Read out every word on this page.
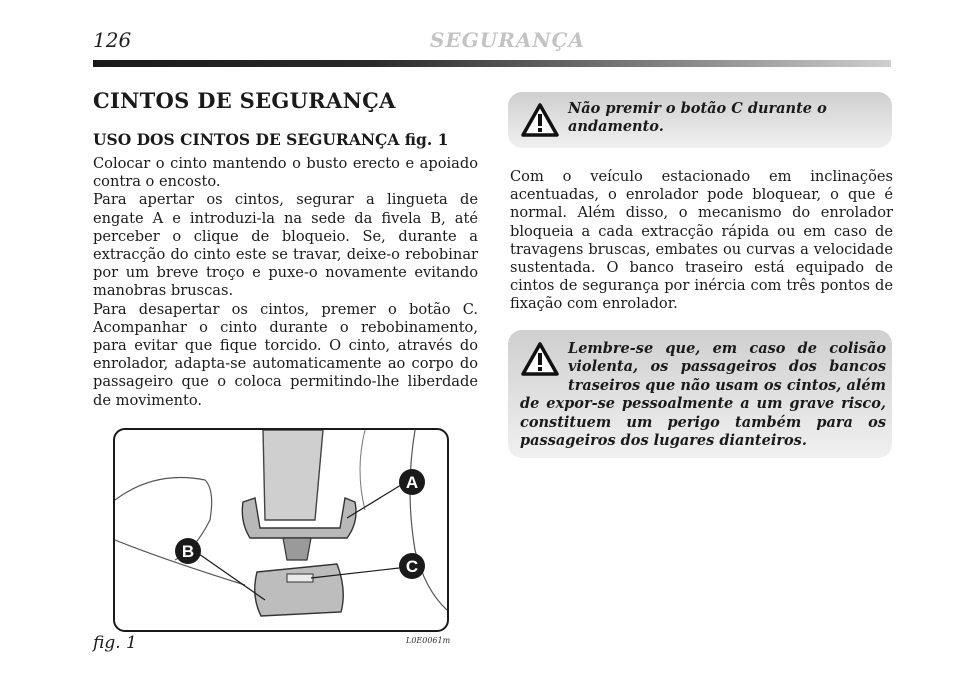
126	SEGURANÇA
CINTOS DE SEGURANÇA
USO DOS CINTOS DE SEGURANÇA fig. 1

Colocar o cinto mantendo o busto erecto e apoiado contra o encosto.

Para apertar os cintos, segurar a lingueta de engate A e introduzi-la na sede da fivela B, até perceber o clique de bloqueio. Se, durante a extracção do cinto este se travar, deixe-o rebobinar por um breve troço e puxe-o novamente evitando manobras bruscas.

Para desapertar os cintos, premer o botão C. Acompanhar o cinto durante o rebobinamento, para evitar que fique torcido. O cinto, através do enrolador, adapta-se automaticamente ao corpo do passageiro que o coloca permitindo-lhe liberdade de movimento.

Não premir o botão C durante o andamento.

Com o veículo estacionado em inclinações acentuadas, o enrolador pode bloquear, o que é normal. Além disso, o mecanismo do enrolador bloqueia a cada extracção rápida ou em caso de travagens bruscas, embates ou curvas a velocidade sustentada. O banco traseiro está equipado de cintos de segurança por inércia com três pontos de fixação com enrolador.

Lembre-se que, em caso de colisão violenta, os passageiros dos bancos traseiros que não usam os cintos, além de expor-se pessoalmente a um grave risco, constituem um perigo também para os passageiros dos lugares dianteiros.
A
B
C
fig. 1	L0E0061m
